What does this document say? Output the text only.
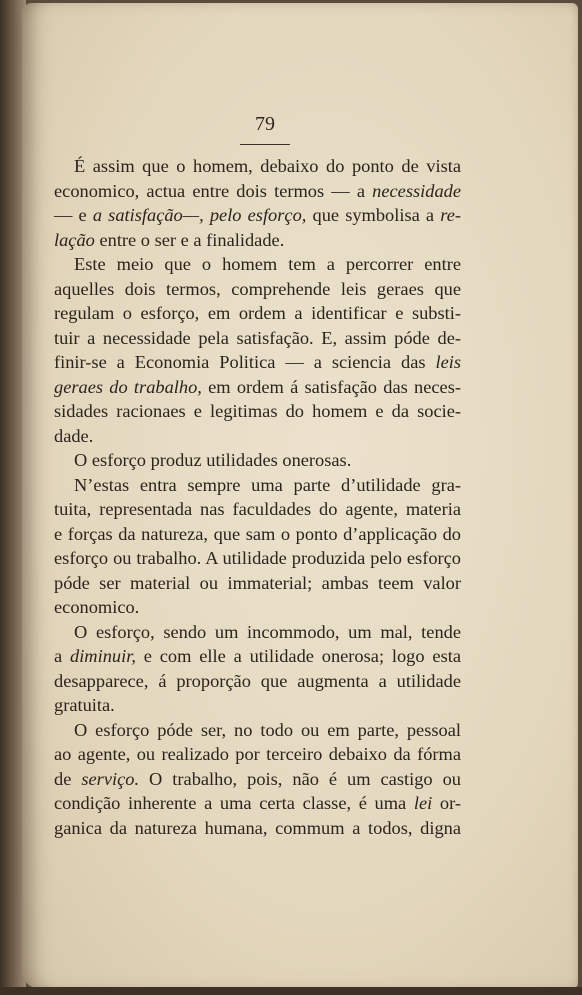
79
É assim que o homem, debaixo do ponto de vista
economico, actua entre dois termos — a necessidade
— e a satisfação—, pelo esforço, que symbolisa a re-
lação entre o ser e a finalidade.
Este meio que o homem tem a percorrer entre
aquelles dois termos, comprehende leis geraes que
regulam o esforço, em ordem a identificar e substi-
tuir a necessidade pela satisfação. E, assim póde de-
finir-se a Economia Politica — a sciencia das leis
geraes do trabalho, em ordem á satisfação das neces-
sidades racionaes e legitimas do homem e da socie-
dade.
O esforço produz utilidades onerosas.
N’estas entra sempre uma parte d’utilidade gra-
tuita, representada nas faculdades do agente, materia
e forças da natureza, que sam o ponto d’applicação do
esforço ou trabalho. A utilidade produzida pelo esforço
póde ser material ou immaterial; ambas teem valor
economico.
O esforço, sendo um incommodo, um mal, tende
a diminuir, e com elle a utilidade onerosa; logo esta
desapparece, á proporção que augmenta a utilidade
gratuita.
O esforço póde ser, no todo ou em parte, pessoal
ao agente, ou realizado por terceiro debaixo da fórma
de serviço. O trabalho, pois, não é um castigo ou
condição inherente a uma certa classe, é uma lei or-
ganica da natureza humana, commum a todos, digna
